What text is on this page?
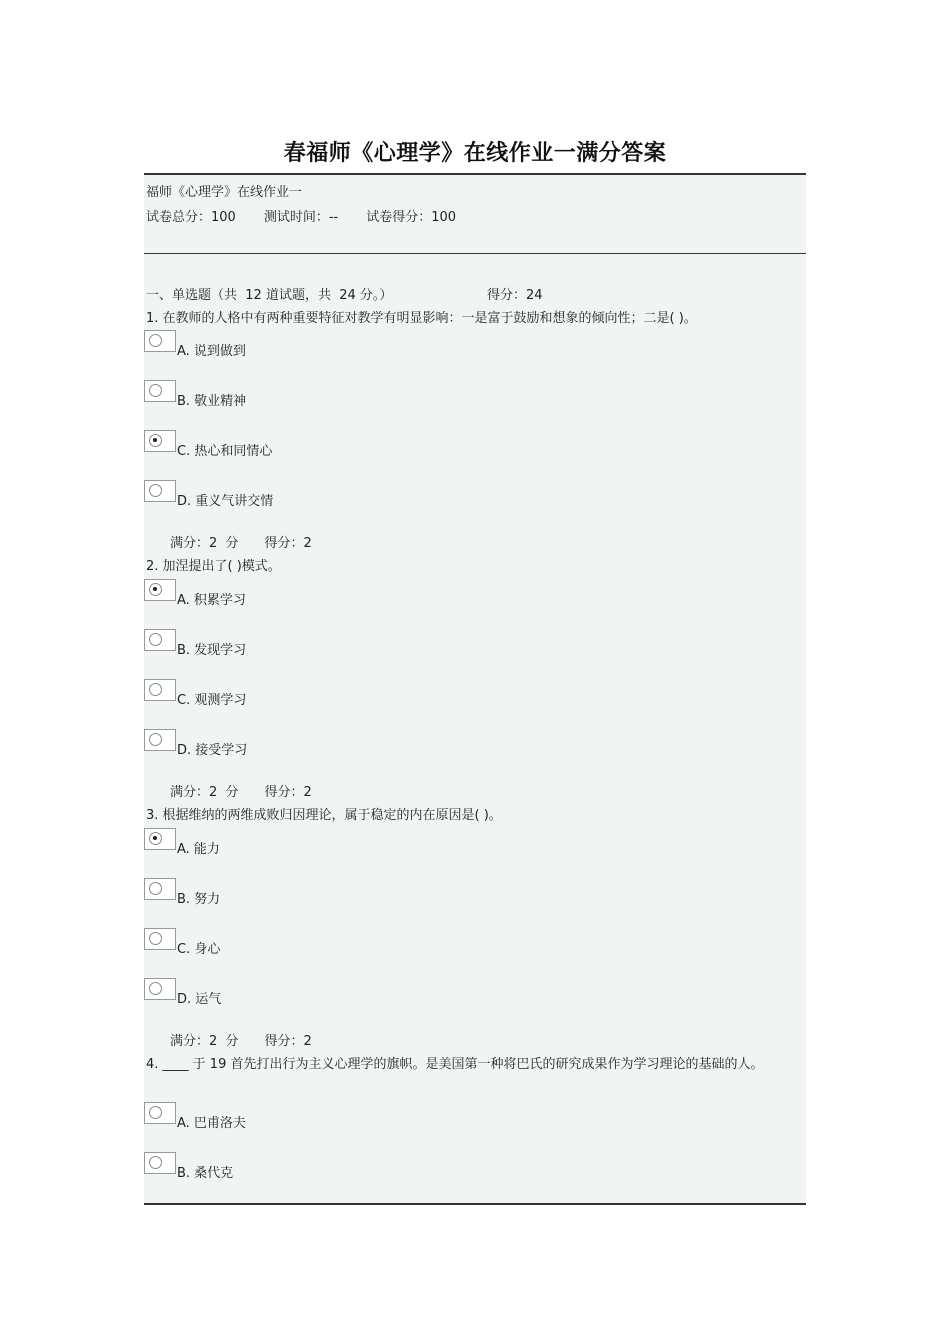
春福师《心理学》在线作业一满分答案
福师《心理学》在线作业一
试卷总分：100 测试时间：-- 试卷得分：100
一、单选题（共  12 道试题，共  24 分。）	得分：24
1. 在教师的人格中有两种重要特征对教学有明显影响：一是富于鼓励和想象的倾向性；二是( )。
A. 说到做到
B. 敬业精神
C. 热心和同情心
D. 重义气讲交情
满分：2  分 得分：2
2. 加涅提出了( )模式。
A. 积累学习
B. 发现学习
C. 观测学习
D. 接受学习
满分：2  分 得分：2
3. 根据维纳的两维成败归因理论，属于稳定的内在原因是( )。
A. 能力
B. 努力
C. 身心
D. 运气
满分：2  分 得分：2
4. ____ 于 19 首先打出行为主义心理学的旗帜。是美国第一种将巴氏的研究成果作为学习理论的基础的人。
A. 巴甫洛夫
B. 桑代克
